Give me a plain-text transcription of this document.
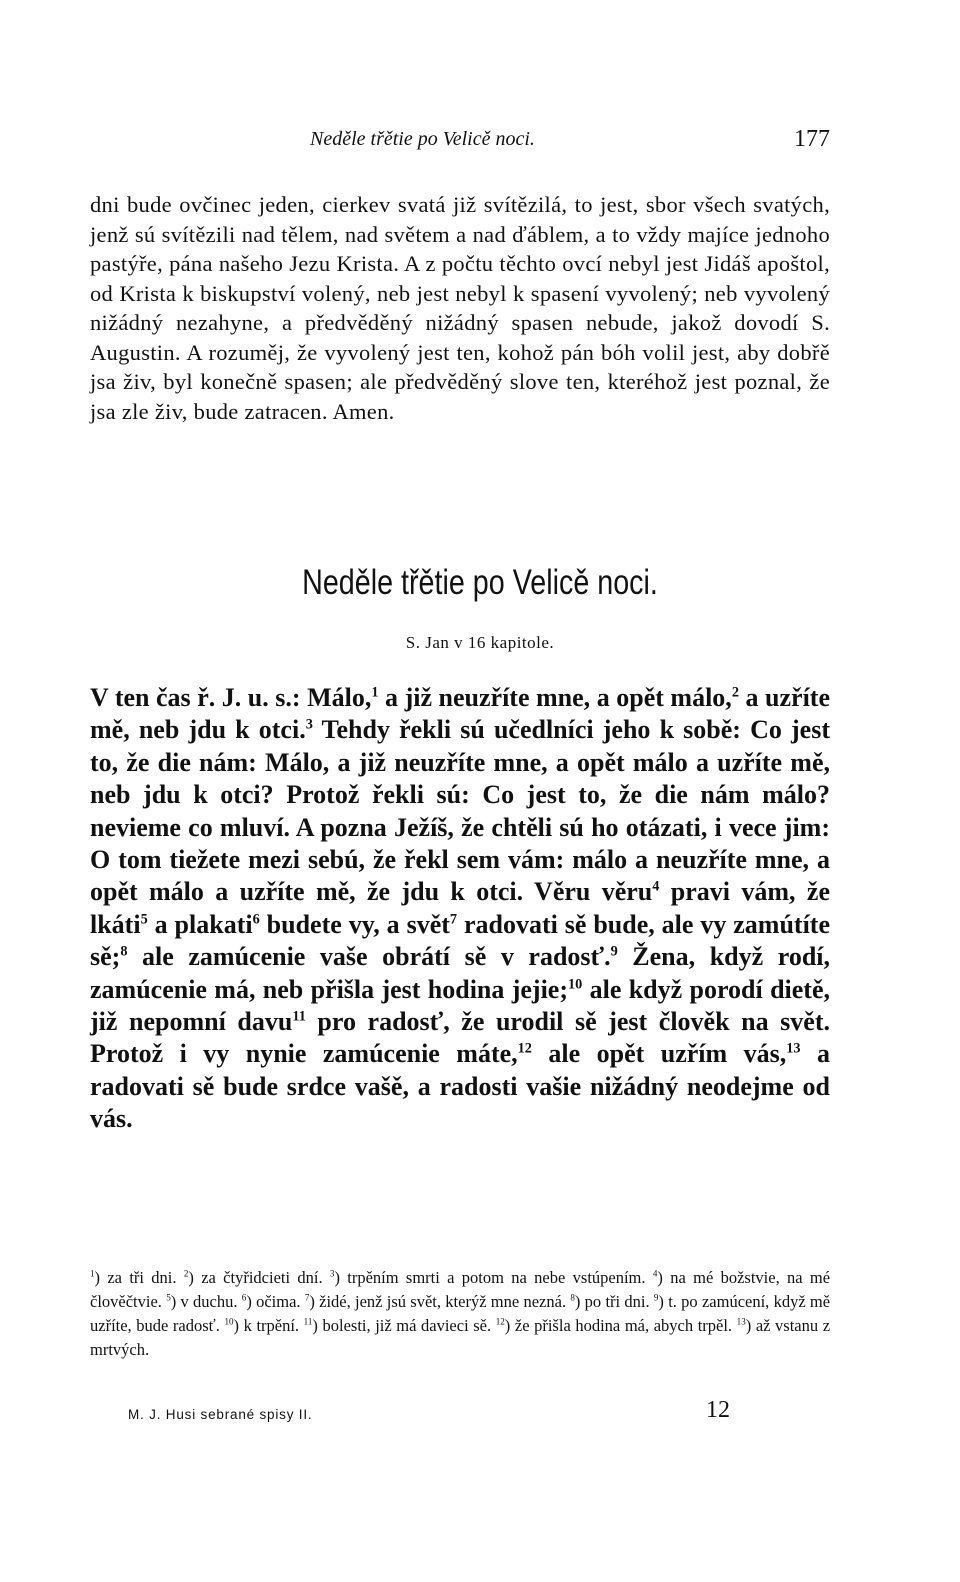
Neděle třětie po Velicě noci.	177

dni bude ovčinec jeden, cierkev svatá již svítězilá, to jest, sbor všech svatých, jenž sú svítězili nad tělem, nad světem a nad ďáblem, a to vždy majíce jednoho pastýře, pána našeho Jezu Krista. A z počtu těchto ovcí nebyl jest Jidáš apoštol, od Krista k biskupství volený, neb jest nebyl k spasení vyvolený; neb vyvolený nižádný nezahyne, a předvěděný nižádný spasen nebude, jakož dovodí S. Augustin. A rozuměj, že vyvolený jest ten, kohož pán bóh volil jest, aby dobřě jsa živ, byl konečně spasen; ale předvěděný slove ten, kteréhož jest poznal, že jsa zle živ, bude zatracen. Amen.

Neděle třětie po Velicě noci.
S. Jan v 16 kapitole.

V ten čas ř. J. u. s.: Málo,$^1$ a již neuzříte mne, a opět málo,$^2$ a uzříte mě, neb jdu k otci.$^3$ Tehdy řekli sú učedlníci jeho k sobě: Co jest to, že die nám: Málo, a již neuzříte mne, a opět málo a uzříte mě, neb jdu k otci? Protož řekli sú: Co jest to, že die nám málo? nevieme co mluví. A pozna Ježíš, že chtěli sú ho otázati, i vece jim: O tom tiežete mezi sebú, že řekl sem vám: málo a neuzříte mne, a opět málo a uzříte mě, že jdu k otci. Věru věru$^4$ pravi vám, že lkáti$^5$ a plakati$^6$ budete vy, a svět$^7$ radovati sě bude, ale vy zamútíte sě;$^8$ ale zamúcenie vaše obrátí sě v radosť.$^9$ Žena, když rodí, zamúcenie má, neb přišla jest hodina jejie;$^{10}$ ale když porodí dietě, již nepomní davu$^{11}$ pro radosť, že urodil sě jest člověk na svět. Protož i vy nynie zamúcenie máte,$^{12}$ ale opět uzřím vás,$^{13}$ a radovati sě bude srdce vašě, a radosti vašie nižádný neodejme od vás.

$^1$) za tři dni. $^2$) za čtyřidcieti dní. $^3$) trpěním smrti a potom na nebe vstúpením. $^4$) na mé božstvie, na mé člověčtvie. $^5$) v duchu. $^6$) očima. $^7$) židé, jenž jsú svět, kterýž mne nezná. $^8$) po tři dni. $^9$) t. po zamúcení, když mě uzříte, bude radosť. $^{10}$) k trpění. $^{11}$) bolesti, již má davieci sě. $^{12}$) že přišla hodina má, abych trpěl. $^{13}$) až vstanu z mrtvých.

M. J. Husi sebrané spisy II.	12
